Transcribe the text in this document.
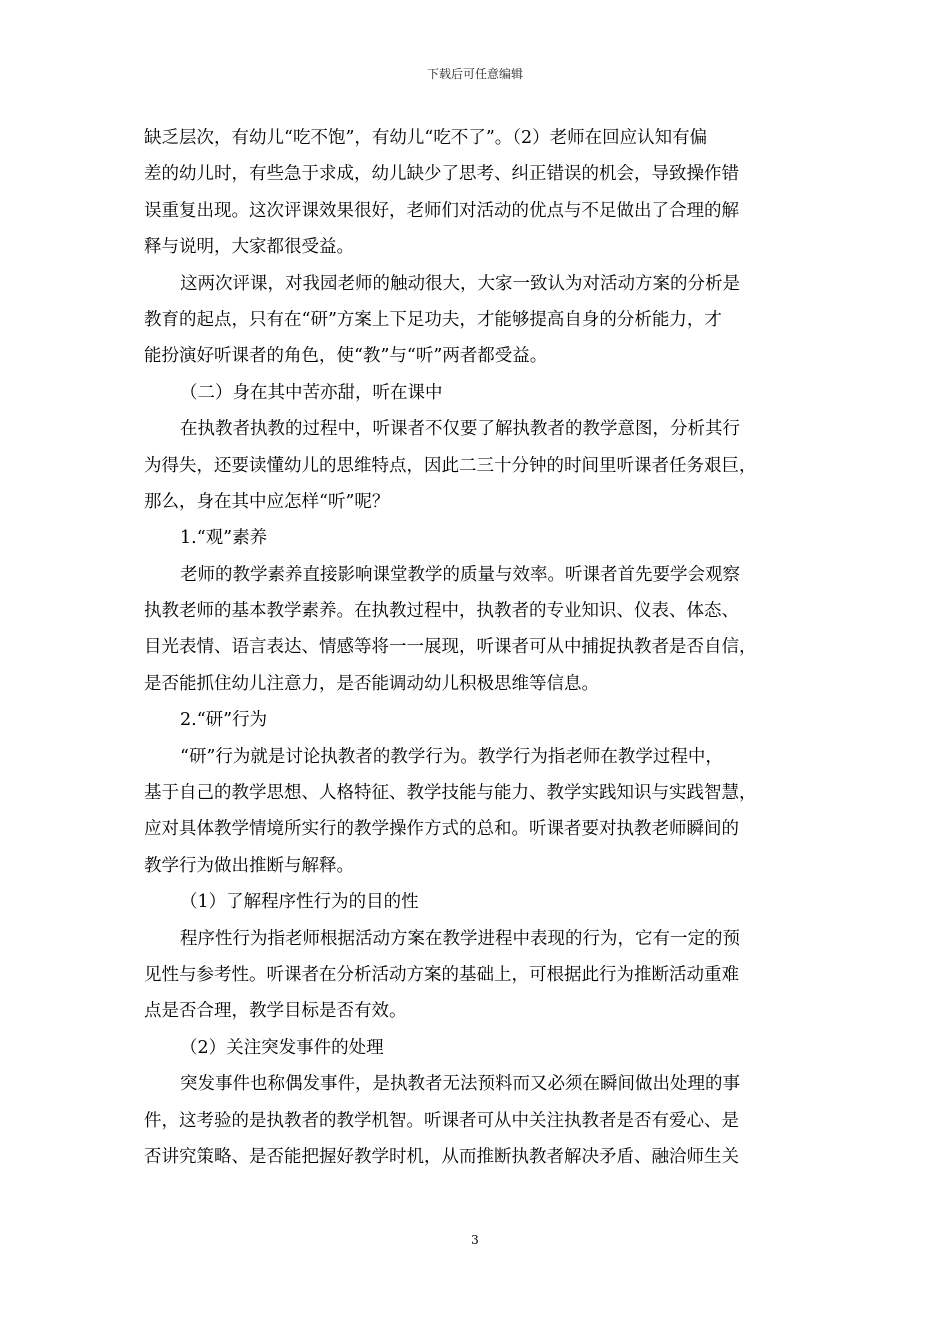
下载后可任意编辑
缺乏层次，有幼儿“吃不饱”，有幼儿“吃不了”。（2）老师在回应认知有偏
差的幼儿时，有些急于求成，幼儿缺少了思考、纠正错误的机会，导致操作错
误重复出现。这次评课效果很好，老师们对活动的优点与不足做出了合理的解
释与说明，大家都很受益。
这两次评课，对我园老师的触动很大，大家一致认为对活动方案的分析是
教育的起点，只有在“研”方案上下足功夫，才能够提高自身的分析能力，才
能扮演好听课者的角色，使“教”与“听”两者都受益。
（二）身在其中苦亦甜，听在课中
在执教者执教的过程中，听课者不仅要了解执教者的教学意图，分析其行
为得失，还要读懂幼儿的思维特点，因此二三十分钟的时间里听课者任务艰巨，
那么，身在其中应怎样“听”呢？
1.“观”素养
老师的教学素养直接影响课堂教学的质量与效率。听课者首先要学会观察
执教老师的基本教学素养。在执教过程中，执教者的专业知识、仪表、体态、
目光表情、语言表达、情感等将一一展现，听课者可从中捕捉执教者是否自信，
是否能抓住幼儿注意力，是否能调动幼儿积极思维等信息。
2.“研”行为
“研”行为就是讨论执教者的教学行为。教学行为指老师在教学过程中，
基于自己的教学思想、人格特征、教学技能与能力、教学实践知识与实践智慧，
应对具体教学情境所实行的教学操作方式的总和。听课者要对执教老师瞬间的
教学行为做出推断与解释。
（1）了解程序性行为的目的性
程序性行为指老师根据活动方案在教学进程中表现的行为，它有一定的预
见性与参考性。听课者在分析活动方案的基础上，可根据此行为推断活动重难
点是否合理，教学目标是否有效。
（2）关注突发事件的处理
突发事件也称偶发事件，是执教者无法预料而又必须在瞬间做出处理的事
件，这考验的是执教者的教学机智。听课者可从中关注执教者是否有爱心、是
否讲究策略、是否能把握好教学时机，从而推断执教者解决矛盾、融洽师生关
3
